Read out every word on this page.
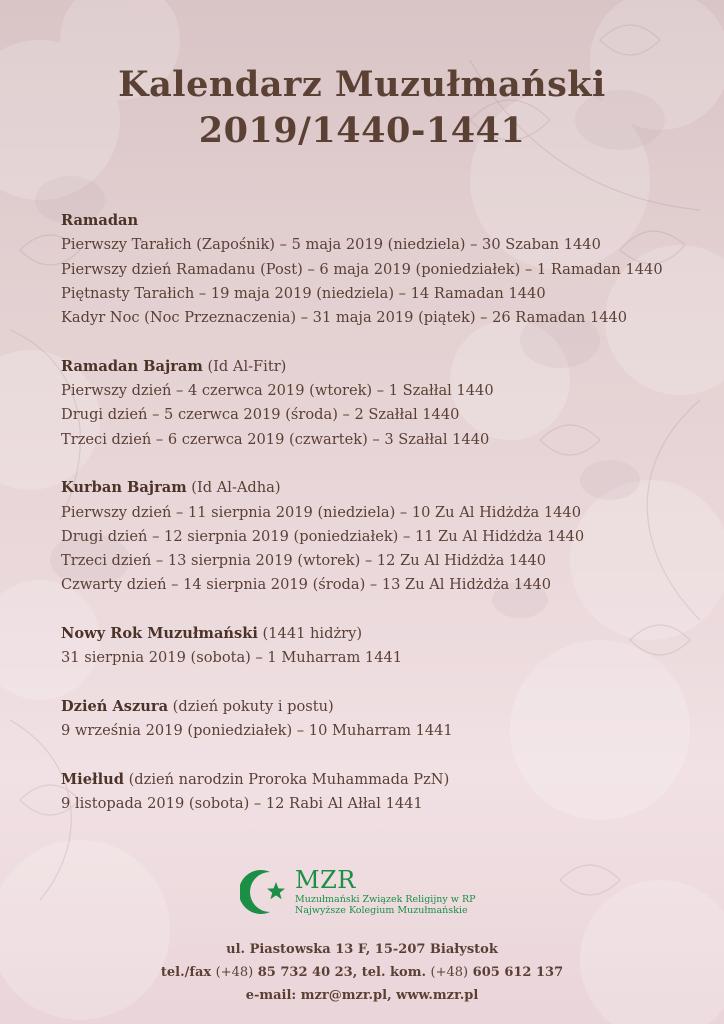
Kalendarz Muzułmański
2019/1440-1441
Ramadan
Pierwszy Tarałich (Zapośnik) – 5 maja 2019 (niedziela) – 30 Szaban 1440
Pierwszy dzień Ramadanu (Post) – 6 maja 2019 (poniedziałek) – 1 Ramadan 1440
Piętnasty Tarałich – 19 maja 2019 (niedziela) – 14 Ramadan 1440
Kadyr Noc (Noc Przeznaczenia) – 31 maja 2019 (piątek) – 26 Ramadan 1440
Ramadan Bajram (Id Al-Fitr)
Pierwszy dzień – 4 czerwca 2019 (wtorek) – 1 Szałłal 1440
Drugi dzień – 5 czerwca 2019 (środa) – 2 Szałłal 1440
Trzeci dzień – 6 czerwca 2019 (czwartek) – 3 Szałłal 1440
Kurban Bajram (Id Al-Adha)
Pierwszy dzień – 11 sierpnia 2019 (niedziela) – 10 Zu Al Hidżdża 1440
Drugi dzień – 12 sierpnia 2019 (poniedziałek) – 11 Zu Al Hidżdża 1440
Trzeci dzień – 13 sierpnia 2019 (wtorek) – 12 Zu Al Hidżdża 1440
Czwarty dzień – 14 sierpnia 2019 (środa) – 13 Zu Al Hidżdża 1440
Nowy Rok Muzułmański (1441 hidżry)
31 sierpnia 2019 (sobota) – 1 Muharram 1441
Dzień Aszura (dzień pokuty i postu)
9 września 2019 (poniedziałek) – 10 Muharram 1441
Miełlud (dzień narodzin Proroka Muhammada PzN)
9 listopada 2019 (sobota) – 12 Rabi Al Ałłal 1441
MZR
Muzułmański Związek Religijny w RP
Najwyższe Kolegium Muzułmańskie
ul. Piastowska 13 F, 15-207 Białystok
tel./fax (+48) 85 732 40 23, tel. kom. (+48) 605 612 137
e-mail: mzr@mzr.pl, www.mzr.pl
